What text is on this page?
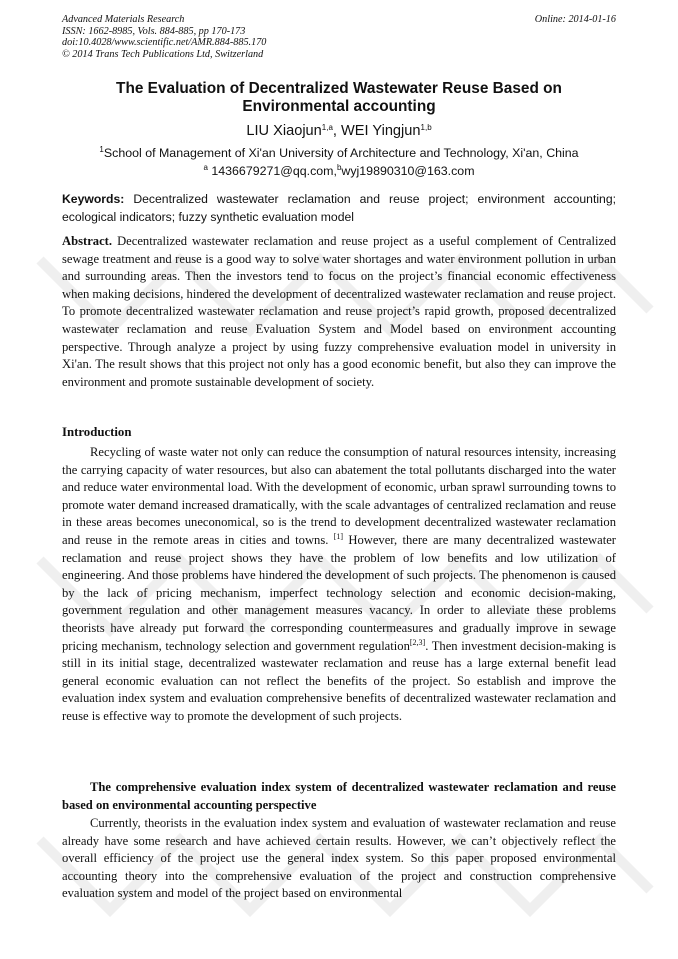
Advanced Materials Research
ISSN: 1662-8985, Vols. 884-885, pp 170-173
doi:10.4028/www.scientific.net/AMR.884-885.170
© 2014 Trans Tech Publications Ltd, Switzerland
Online: 2014-01-16
The Evaluation of Decentralized Wastewater Reuse Based on Environmental accounting
LIU Xiaojun$^{1,a}$, WEI Yingjun$^{1,b}$
$^1$School of Management of Xi'an University of Architecture and Technology, Xi'an, China
$^a$ 1436679271@qq.com,$^b$wyj19890310@163.com
Keywords: Decentralized wastewater reclamation and reuse project; environment accounting; ecological indicators; fuzzy synthetic evaluation model
Abstract. Decentralized wastewater reclamation and reuse project as a useful complement of Centralized sewage treatment and reuse is a good way to solve water shortages and water environment pollution in urban and surrounding areas. Then the investors tend to focus on the project’s financial economic effectiveness when making decisions, hindered the development of decentralized wastewater reclamation and reuse project. To promote decentralized wastewater reclamation and reuse project’s rapid growth, proposed decentralized wastewater reclamation and reuse Evaluation System and Model based on environment accounting perspective. Through analyze a project by using fuzzy comprehensive evaluation model in university in Xi'an. The result shows that this project not only has a good economic benefit, but also they can improve the environment and promote sustainable development of society.
Introduction
Recycling of waste water not only can reduce the consumption of natural resources intensity, increasing the carrying capacity of water resources, but also can abatement the total pollutants discharged into the water and reduce water environmental load. With the development of economic, urban sprawl surrounding towns to promote water demand increased dramatically, with the scale advantages of centralized reclamation and reuse in these areas becomes uneconomical, so is the trend to development decentralized wastewater reclamation and reuse in the remote areas in cities and towns. [1] However, there are many decentralized wastewater reclamation and reuse project shows they have the problem of low benefits and low utilization of engineering. And those problems have hindered the development of such projects. The phenomenon is caused by the lack of pricing mechanism, imperfect technology selection and economic decision-making, government regulation and other management measures vacancy. In order to alleviate these problems theorists have already put forward the corresponding countermeasures and gradually improve in sewage pricing mechanism, technology selection and government regulation[2,3]. Then investment decision-making is still in its initial stage, decentralized wastewater reclamation and reuse has a large external benefit lead general economic evaluation can not reflect the benefits of the project. So establish and improve the evaluation index system and evaluation comprehensive benefits of decentralized wastewater reclamation and reuse is effective way to promote the development of such projects.
The comprehensive evaluation index system of decentralized wastewater reclamation and reuse based on environmental accounting perspective
Currently, theorists in the evaluation index system and evaluation of wastewater reclamation and reuse already have some research and have achieved certain results. However, we can’t objectively reflect the overall efficiency of the project use the general index system. So this paper proposed environmental accounting theory into the comprehensive evaluation of the project and construction comprehensive evaluation system and model of the project based on environmental
